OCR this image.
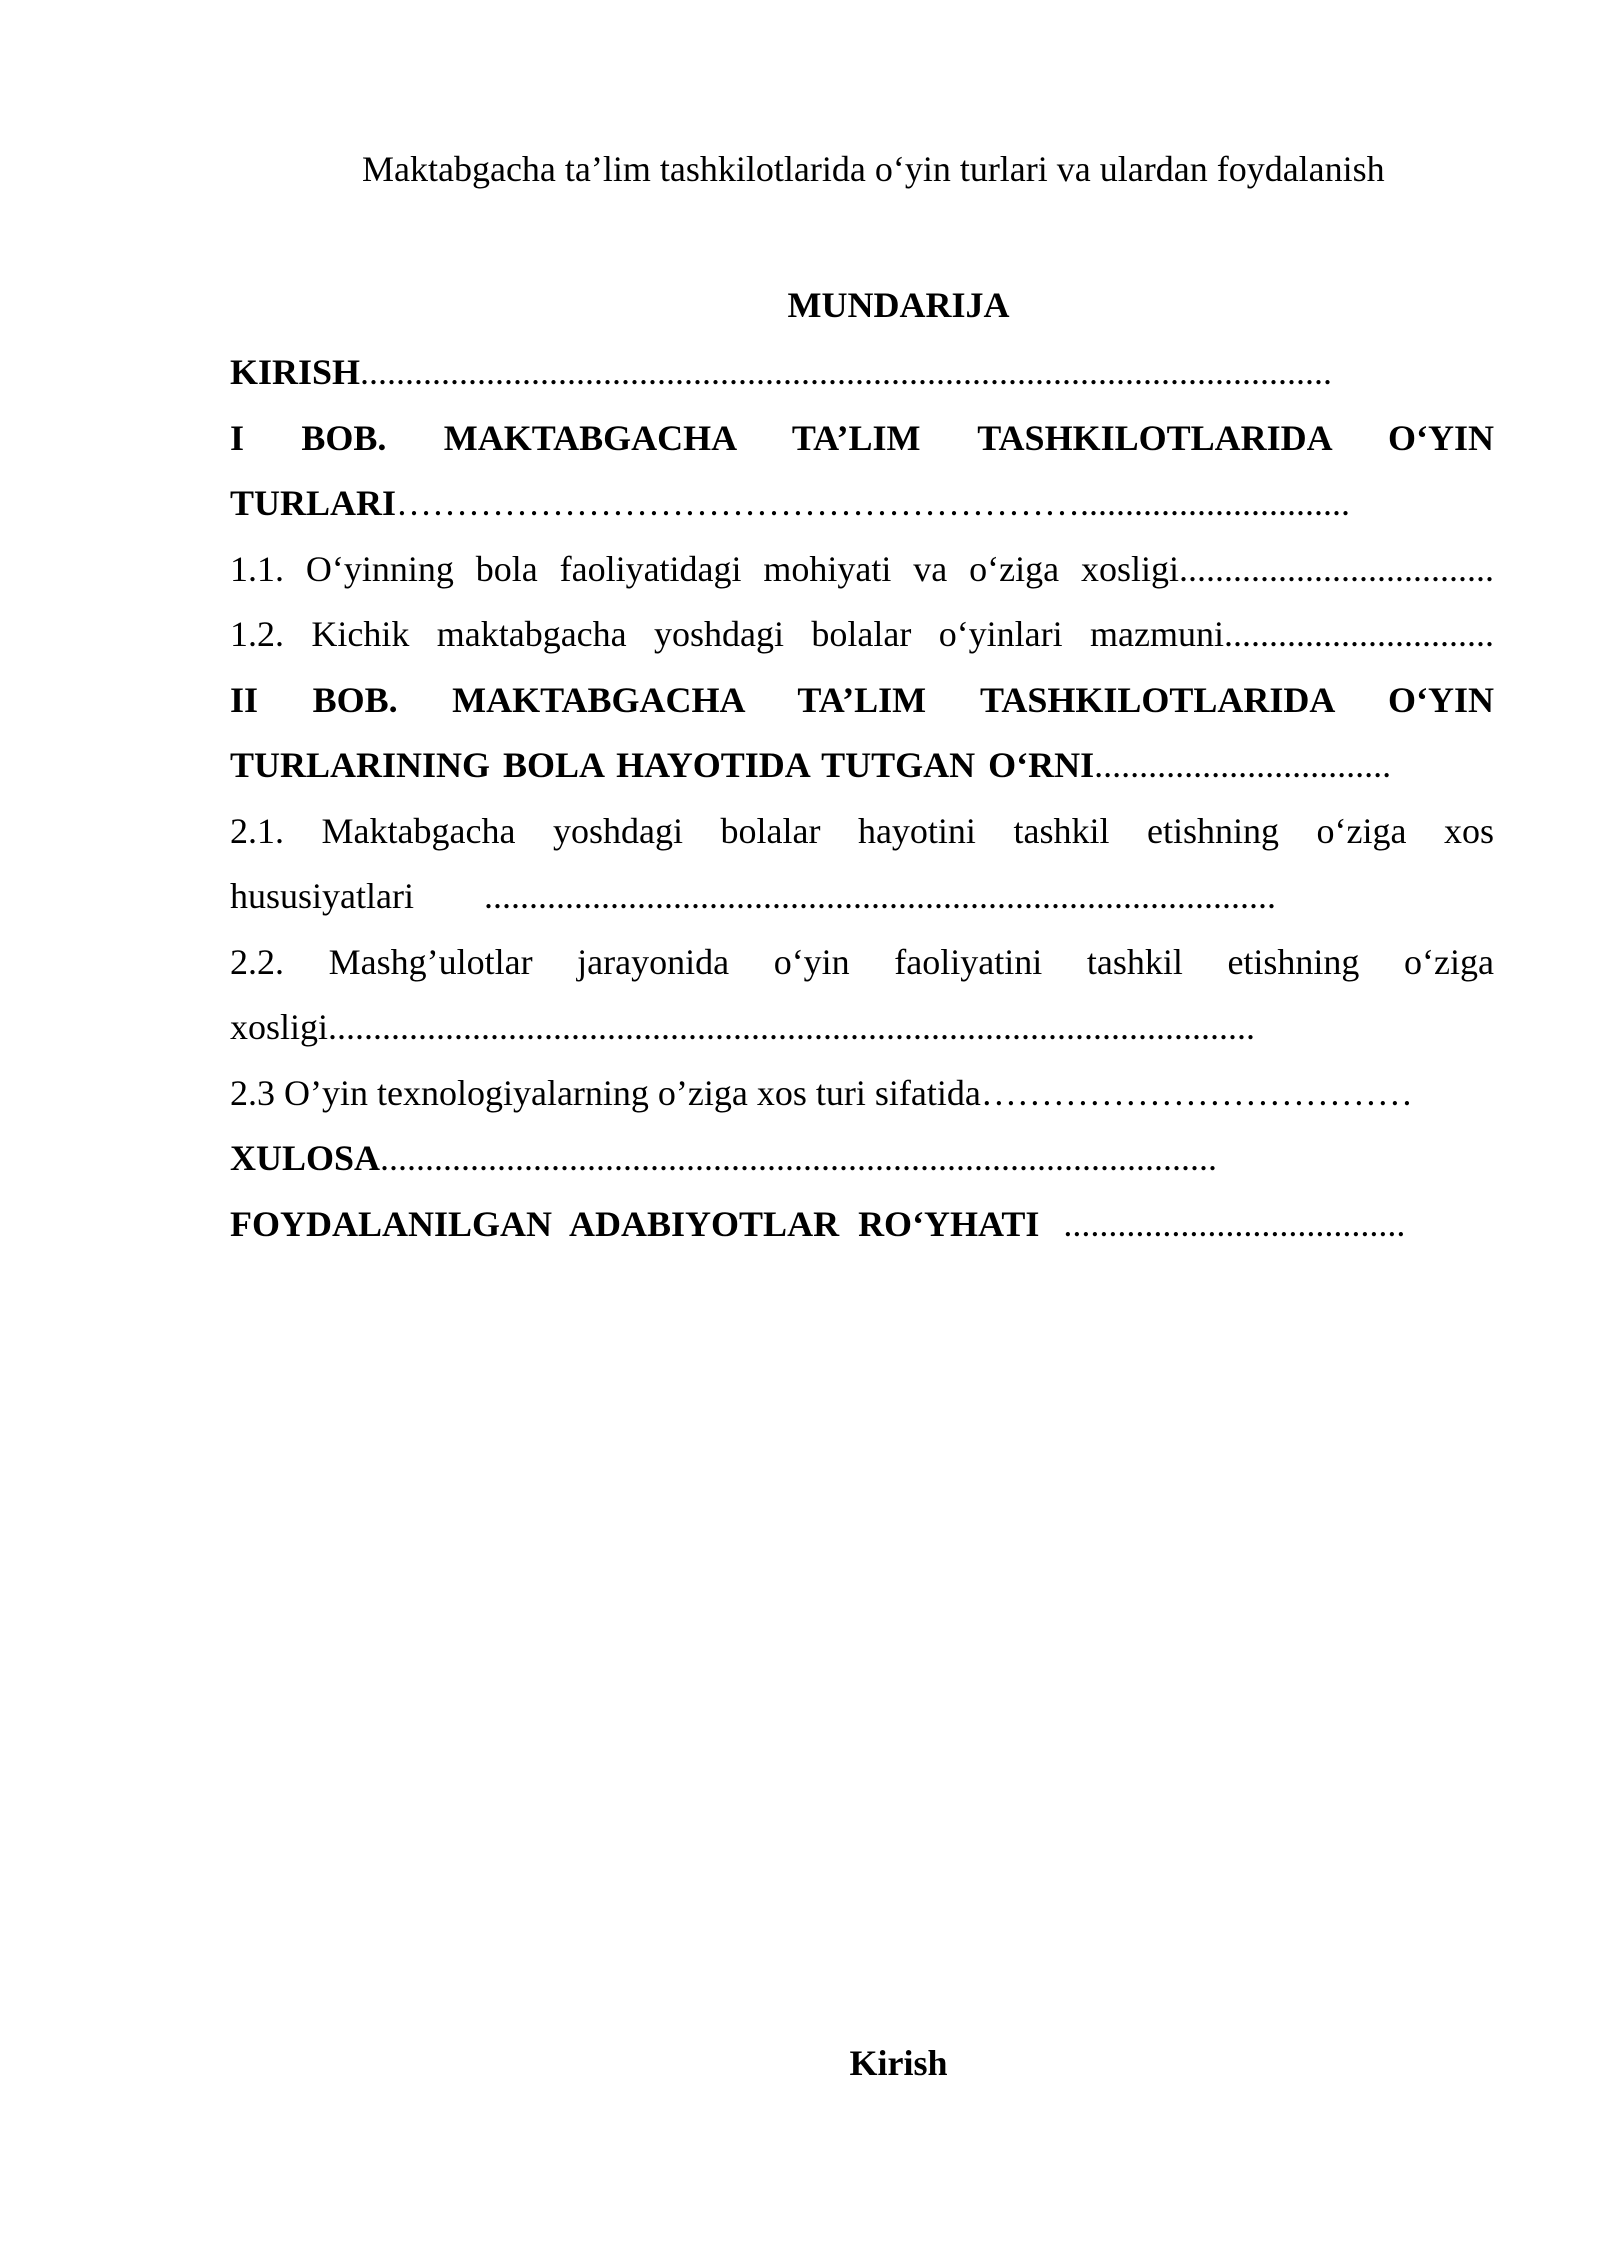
Maktabgacha ta’lim tashkilotlarida o‘yin turlari va ulardan foydalanish
MUNDARIJA
KIRISH............................................................................................................
I BOB. MAKTABGACHA TA’LIM TASHKILOTLARIDA O‘YIN
TURLARI…………………………………………………..............................
1.1. O‘yinning bola faoliyatidagi mohiyati va o‘ziga xosligi...................................
1.2. Kichik maktabgacha yoshdagi bolalar o‘yinlari mazmuni..............................
II BOB. MAKTABGACHA TA’LIM TASHKILOTLARIDA O‘YIN
TURLARINING BOLA HAYOTIDA TUTGAN O‘RNI.................................
2.1. Maktabgacha yoshdagi bolalar hayotini tashkil etishning o‘ziga xos
hususiyatlari ........................................................................................
2.2. Mashg’ulotlar jarayonida o‘yin faoliyatini tashkil etishning o‘ziga
xosligi.......................................................................................................
2.3 O’yin texnologiyalarning o’ziga xos turi sifatida………………………………
XULOSA.............................................................................................
FOYDALANILGAN ADABIYOTLAR RO‘YHATI ......................................
Kirish
